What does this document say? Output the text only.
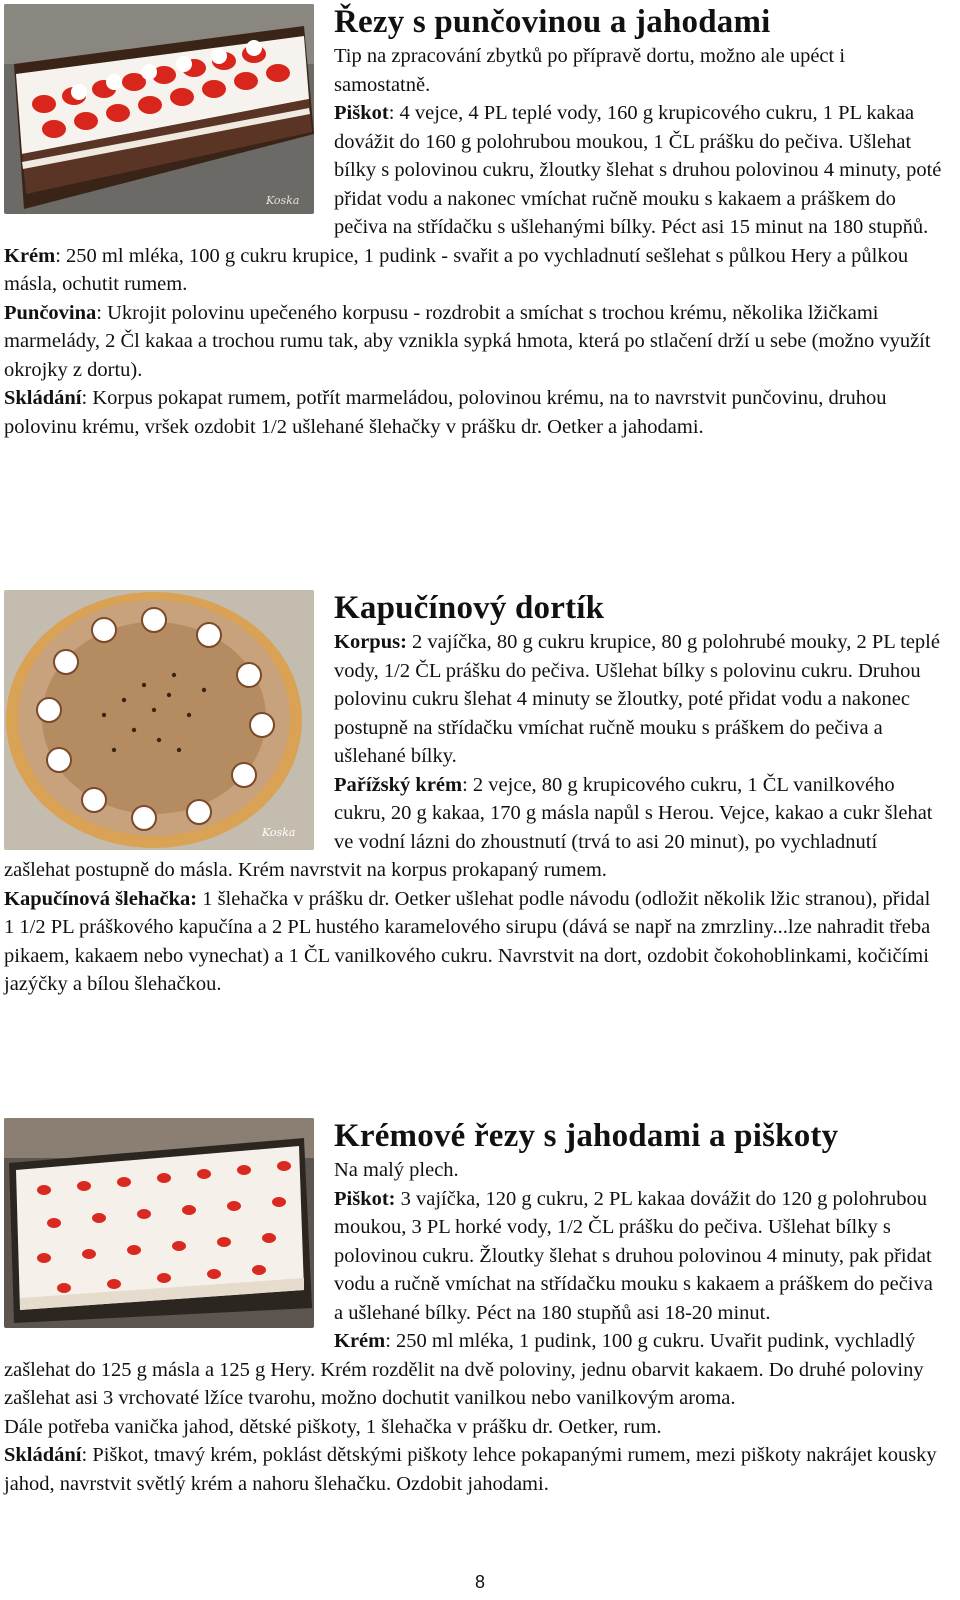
Koska
Řezy s punčovinou a jahodami

Tip na zpracování zbytků po přípravě dortu, možno ale upéct i samostatně.

Piškot: 4 vejce, 4 PL teplé vody, 160 g krupicového cukru, 1 PL kakaa dovážit do 160 g polohrubou moukou, 1 ČL prášku do pečiva. Ušlehat bílky s polovinou cukru, žloutky šlehat s druhou polovinou 4 minuty, poté přidat vodu a nakonec vmíchat ručně mouku s kakaem a práškem do pečiva na střídačku s ušlehanými bílky. Péct asi 15 minut na 180 stupňů.

Krém: 250 ml mléka, 100 g cukru krupice, 1 pudink - svařit a po vychladnutí sešlehat s půlkou Hery a půlkou másla, ochutit rumem.

Punčovina: Ukrojit polovinu upečeného korpusu - rozdrobit a smíchat s trochou krému, několika lžičkami marmelády, 2 Čl kakaa a trochou rumu tak, aby vznikla sypká hmota, která po stlačení drží u sebe (možno využít okrojky z dortu).

Skládání: Korpus pokapat rumem, potřít marmeládou, polovinou krému, na to navrstvit punčovinu, druhou polovinu krému, vršek ozdobit 1/2 ušlehané šlehačky v prášku dr. Oetker a jahodami.

Koska
Kapučínový dortík

Korpus: 2 vajíčka, 80 g cukru krupice, 80 g polohrubé mouky, 2 PL teplé vody, 1/2 ČL prášku do pečiva. Ušlehat bílky s polovinu cukru. Druhou polovinu cukru šlehat 4 minuty se žloutky, poté přidat vodu a nakonec postupně na střídačku vmíchat ručně mouku s práškem do pečiva a ušlehané bílky.

Pařížský krém: 2 vejce, 80 g krupicového cukru, 1 ČL vanilkového cukru, 20 g kakaa, 170 g másla napůl s Herou. Vejce, kakao a cukr šlehat ve vodní lázni do zhoustnutí (trvá to asi 20 minut), po vychladnutí zašlehat postupně do másla. Krém navrstvit na korpus prokapaný rumem.

Kapučínová šlehačka: 1 šlehačka v prášku dr. Oetker ušlehat podle návodu (odložit několik lžic stranou), přidal 1 1/2 PL práškového kapučína a 2 PL hustého karamelového sirupu (dává se např na zmrzliny...lze nahradit třeba pikaem, kakaem nebo vynechat) a 1 ČL vanilkového cukru. Navrstvit na dort, ozdobit čokohoblinkami, kočičími jazýčky a bílou šlehačkou.

Krémové řezy s jahodami a piškoty

Na malý plech.

Piškot: 3 vajíčka, 120 g cukru, 2 PL kakaa dovážit do 120 g polohrubou moukou, 3 PL horké vody, 1/2 ČL prášku do pečiva. Ušlehat bílky s polovinou cukru. Žloutky šlehat s druhou polovinou 4 minuty, pak přidat vodu a ručně vmíchat na střídačku mouku s kakaem a práškem do pečiva a ušlehané bílky. Péct na 180 stupňů asi 18-20 minut.

Krém: 250 ml mléka, 1 pudink, 100 g cukru. Uvařit pudink, vychladlý zašlehat do 125 g másla a 125 g Hery. Krém rozdělit na dvě poloviny, jednu obarvit kakaem. Do druhé poloviny zašlehat asi 3 vrchovaté lžíce tvarohu, možno dochutit vanilkou nebo vanilkovým aroma.

Dále potřeba vanička jahod, dětské piškoty, 1 šlehačka v prášku dr. Oetker, rum.

Skládání: Piškot, tmavý krém, poklást dětskými piškoty lehce pokapanými rumem, mezi piškoty nakrájet kousky jahod, navrstvit světlý krém a nahoru šlehačku. Ozdobit jahodami.

8
